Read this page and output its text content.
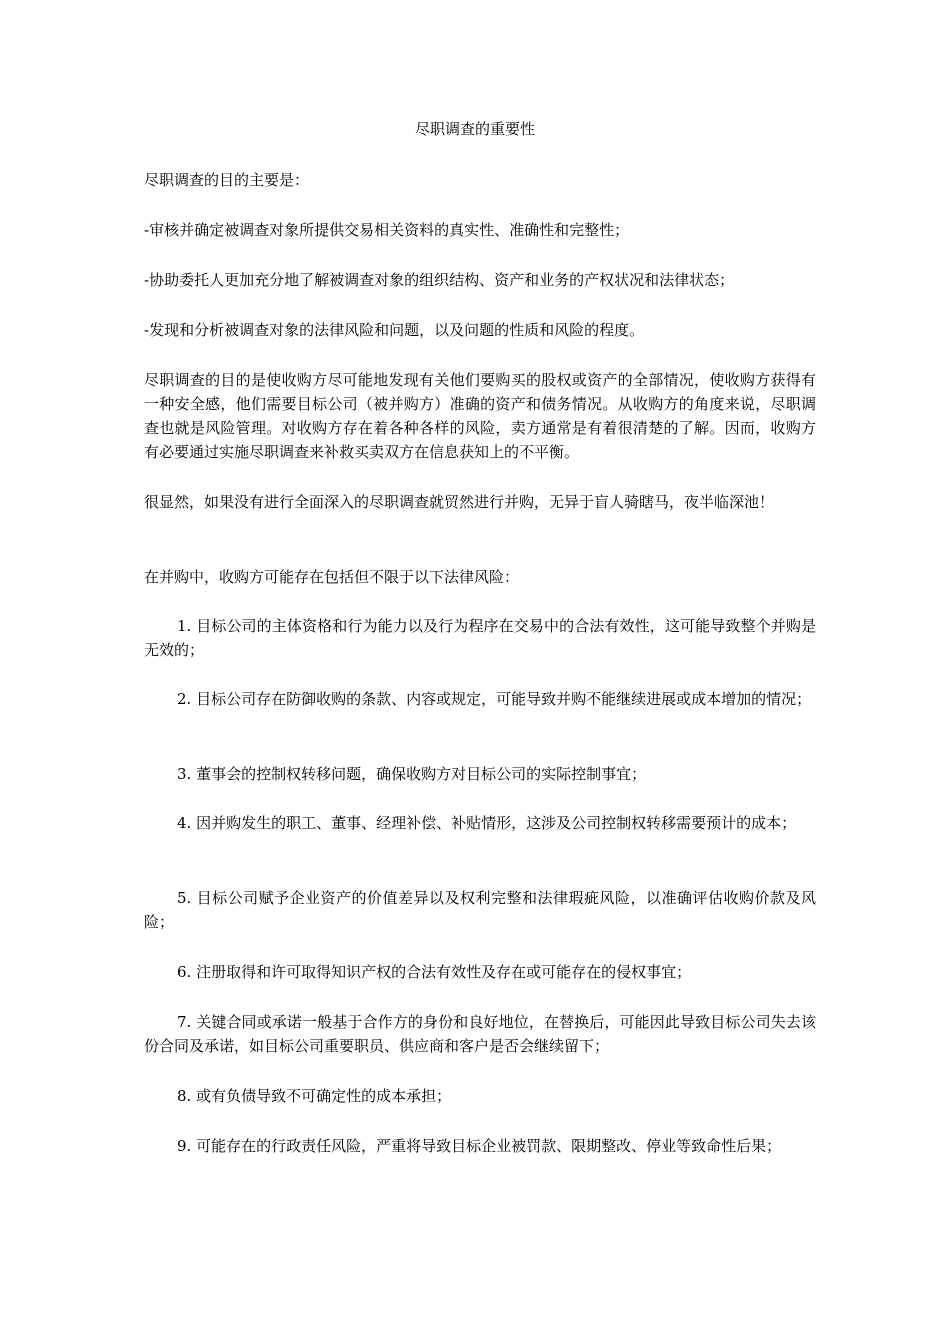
尽职调查的重要性

尽职调查的目的主要是：

-审核并确定被调查对象所提供交易相关资料的真实性、准确性和完整性；

-协助委托人更加充分地了解被调查对象的组织结构、资产和业务的产权状况和法律状态；

-发现和分析被调查对象的法律风险和问题，以及问题的性质和风险的程度。

尽职调查的目的是使收购方尽可能地发现有关他们要购买的股权或资产的全部情况，使收购方获得有一种安全感，他们需要目标公司（被并购方）准确的资产和债务情况。从收购方的角度来说，尽职调查也就是风险管理。对收购方存在着各种各样的风险，卖方通常是有着很清楚的了解。因而，收购方有必要通过实施尽职调查来补救买卖双方在信息获知上的不平衡。

很显然，如果没有进行全面深入的尽职调查就贸然进行并购，无异于盲人骑瞎马，夜半临深池！

在并购中，收购方可能存在包括但不限于以下法律风险：

1. 目标公司的主体资格和行为能力以及行为程序在交易中的合法有效性，这可能导致整个并购是无效的；

2. 目标公司存在防御收购的条款、内容或规定，可能导致并购不能继续进展或成本增加的情况；

3. 董事会的控制权转移问题，确保收购方对目标公司的实际控制事宜；

4. 因并购发生的职工、董事、经理补偿、补贴情形，这涉及公司控制权转移需要预计的成本；

5. 目标公司赋予企业资产的价值差异以及权利完整和法律瑕疵风险，以准确评估收购价款及风险；

6. 注册取得和许可取得知识产权的合法有效性及存在或可能存在的侵权事宜；

7. 关键合同或承诺一般基于合作方的身份和良好地位，在替换后，可能因此导致目标公司失去该份合同及承诺，如目标公司重要职员、供应商和客户是否会继续留下；

8. 或有负债导致不可确定性的成本承担；

9. 可能存在的行政责任风险，严重将导致目标企业被罚款、限期整改、停业等致命性后果；
